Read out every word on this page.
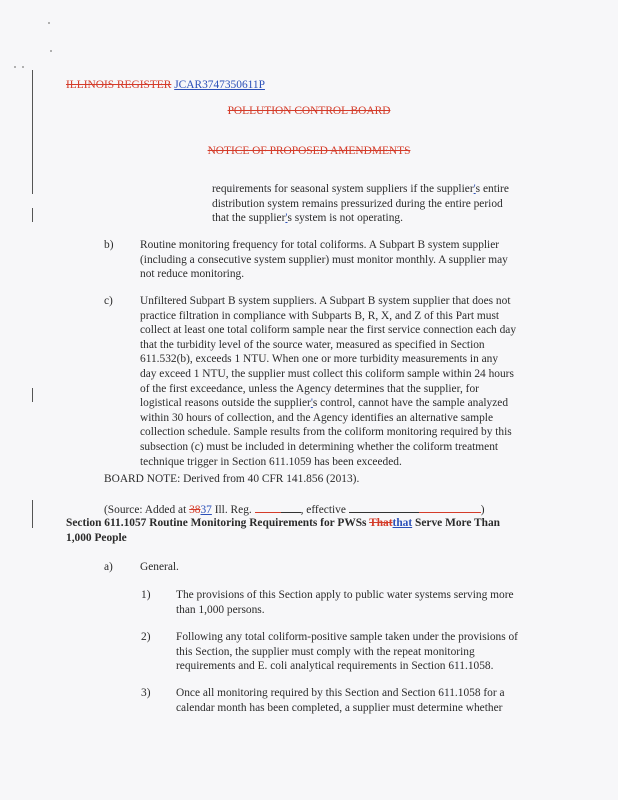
ILLINOIS REGISTER JCAR3747350611P
POLLUTION CONTROL BOARD
NOTICE OF PROPOSED AMENDMENTS
requirements for seasonal system suppliers if the supplier's entire
distribution system remains pressurized during the entire period
that the supplier's system is not operating.
b) Routine monitoring frequency for total coliforms. A Subpart B system supplier
(including a consecutive system supplier) must monitor monthly. A supplier may
not reduce monitoring.
c) Unfiltered Subpart B system suppliers. A Subpart B system supplier that does not
practice filtration in compliance with Subparts B, R, X, and Z of this Part must
collect at least one total coliform sample near the first service connection each day
that the turbidity level of the source water, measured as specified in Section
611.532(b), exceeds 1 NTU. When one or more turbidity measurements in any
day exceed 1 NTU, the supplier must collect this coliform sample within 24 hours
of the first exceedance, unless the Agency determines that the supplier, for
logistical reasons outside the supplier's control, cannot have the sample analyzed
within 30 hours of collection, and the Agency identifies an alternative sample
collection schedule. Sample results from the coliform monitoring required by this
subsection (c) must be included in determining whether the coliform treatment
technique trigger in Section 611.1059 has been exceeded.
BOARD NOTE: Derived from 40 CFR 141.856 (2013).
(Source: Added at 3837 Ill. Reg.	, effective	)
Section 611.1057 Routine Monitoring Requirements for PWSs Thatthat Serve More Than
1,000 People
a) General.
1) The provisions of this Section apply to public water systems serving more
than 1,000 persons.
2) Following any total coliform-positive sample taken under the provisions of
this Section, the supplier must comply with the repeat monitoring
requirements and E. coli analytical requirements in Section 611.1058.
3) Once all monitoring required by this Section and Section 611.1058 for a
calendar month has been completed, a supplier must determine whether
